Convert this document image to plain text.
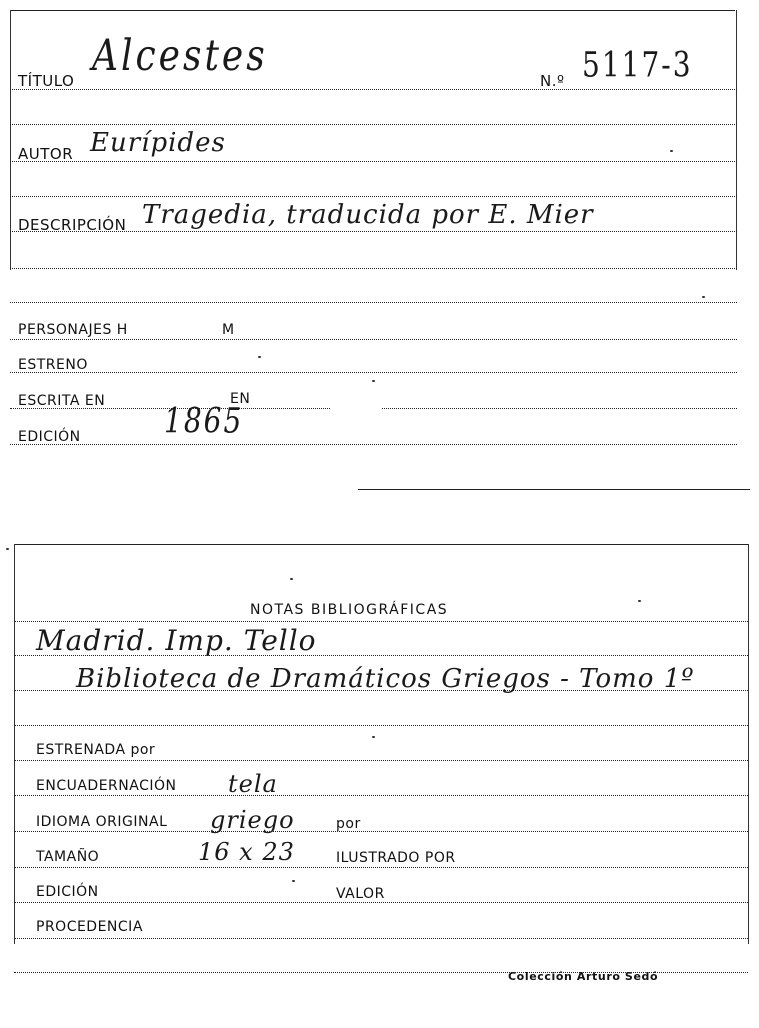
TÍTULO Alcestes	N.º 5117-3
AUTOR Eurípides
DESCRIPCIÓN Tragedia, traducida por E. Mier
PERSONAJES H	M
ESTRENO
ESCRITA EN	EN
EDICIÓN	1865
NOTAS BIBLIOGRÁFICAS
Madrid. Imp. Tello
Biblioteca de Dramáticos Griegos - Tomo 1º
ESTRENADA por
ENCUADERNACIÓN tela
IDIOMA ORIGINAL griego	por
TAMAÑO	16 x 23	ILUSTRADO POR
EDICIÓN	VALOR
PROCEDENCIA
Colección Arturo Sedó
